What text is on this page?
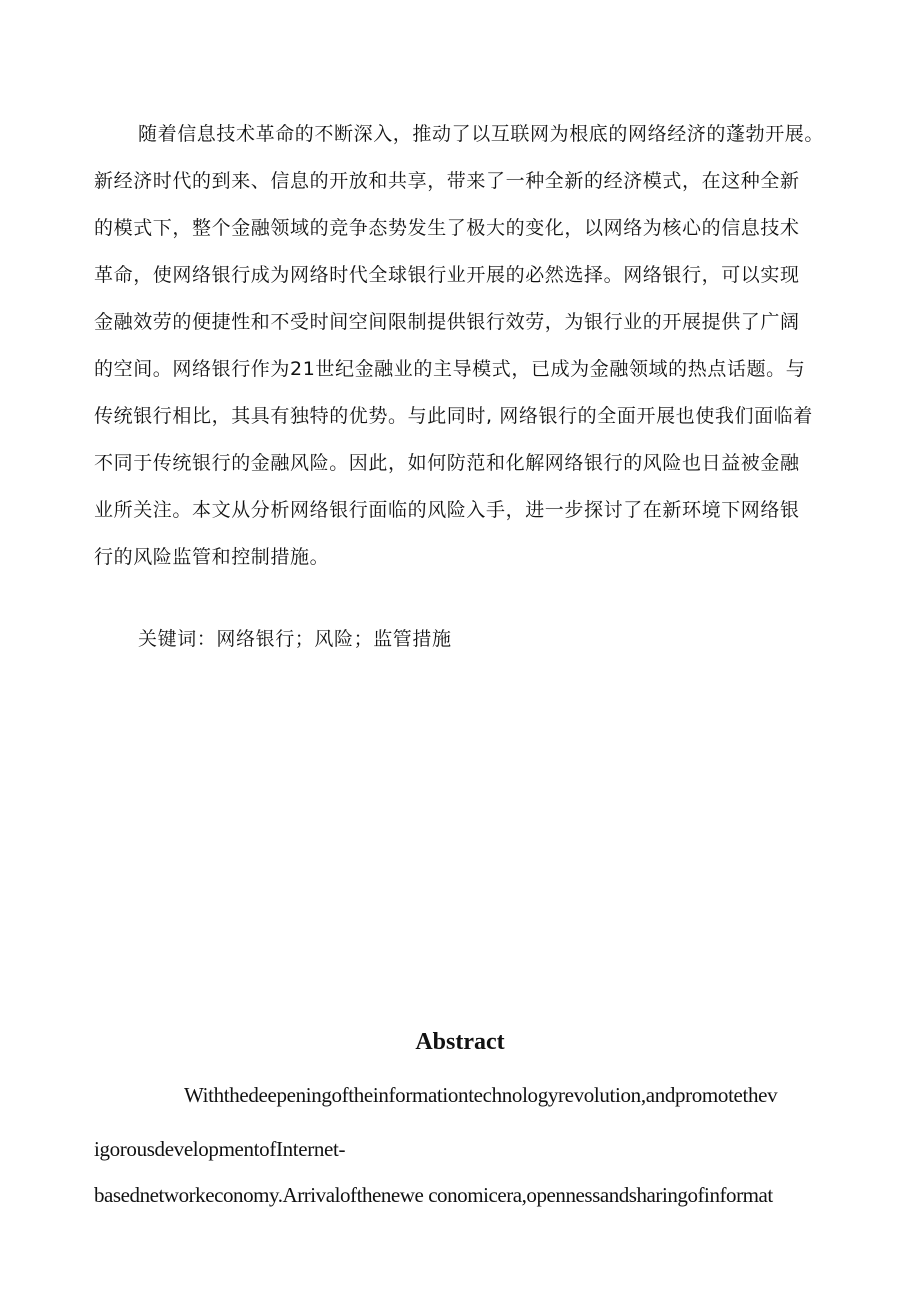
随着信息技术革命的不断深入，推动了以互联网为根底的网络经济的蓬勃开展。
新经济时代的到来、信息的开放和共享，带来了一种全新的经济模式，在这种全新
的模式下，整个金融领域的竞争态势发生了极大的变化，以网络为核心的信息技术
革命，使网络银行成为网络时代全球银行业开展的必然选择。网络银行，可以实现
金融效劳的便捷性和不受时间空间限制提供银行效劳，为银行业的开展提供了广阔
的空间。网络银行作为21世纪金融业的主导模式，已成为金融领域的热点话题。与
传统银行相比，其具有独特的优势。与此同时, 网络银行的全面开展也使我们面临着
不同于传统银行的金融风险。因此，如何防范和化解网络银行的风险也日益被金融
业所关注。本文从分析网络银行面临的风险入手，进一步探讨了在新环境下网络银
行的风险监管和控制措施。
关键词：网络银行；风险；监管措施
Abstract
Withthedeepeningoftheinformationtechnologyrevolution,andpromotethev
igorousdevelopmentofInternet-
basednetworkeconomy.Arrivalofthenewe conomicera,opennessandsharingofinformat
